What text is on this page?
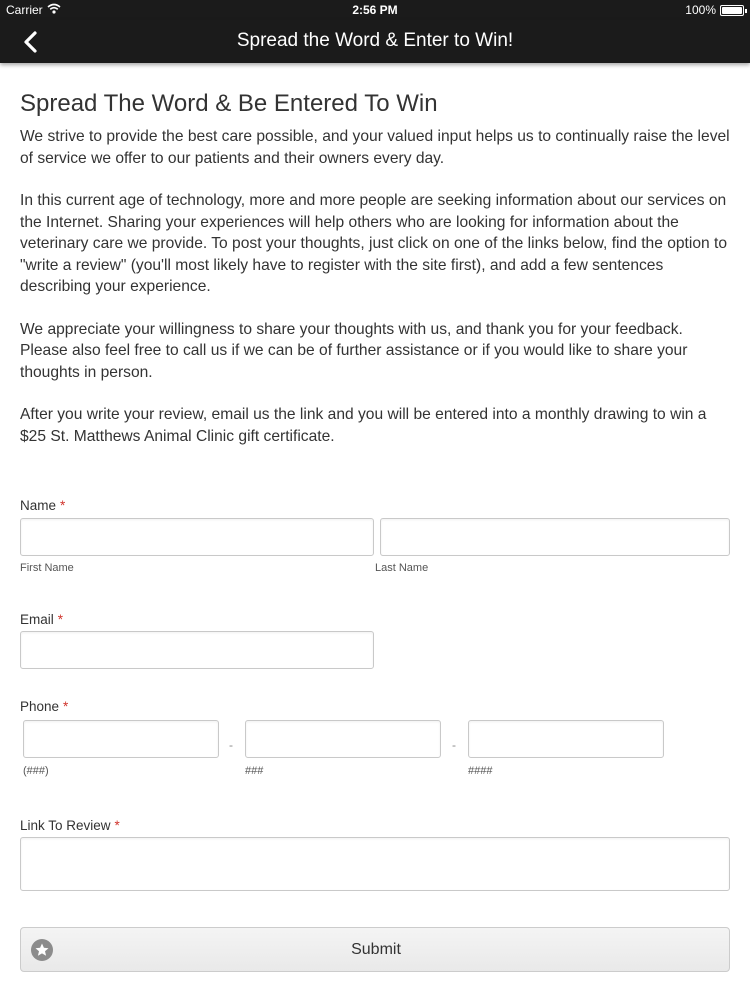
Carrier	2:56 PM	100%
Spread the Word & Enter to Win!
Spread The Word & Be Entered To Win

We strive to provide the best care possible, and your valued input helps us to continually raise the level of service we offer to our patients and their owners every day.

In this current age of technology, more and more people are seeking information about our services on the Internet. Sharing your experiences will help others who are looking for information about the veterinary care we provide. To post your thoughts, just click on one of the links below, find the option to "write a review" (you'll most likely have to register with the site first), and add a few sentences describing your experience.

We appreciate your willingness to share your thoughts with us, and thank you for your feedback. Please also feel free to call us if we can be of further assistance or if you would like to share your thoughts in person.

After you write your review, email us the link and you will be entered into a monthly drawing to win a $25 St. Matthews Animal Clinic gift certificate.

Name *
First Name	Last Name
Email *
Phone *
-	-
(###)	###	####
Link To Review *
Submit
